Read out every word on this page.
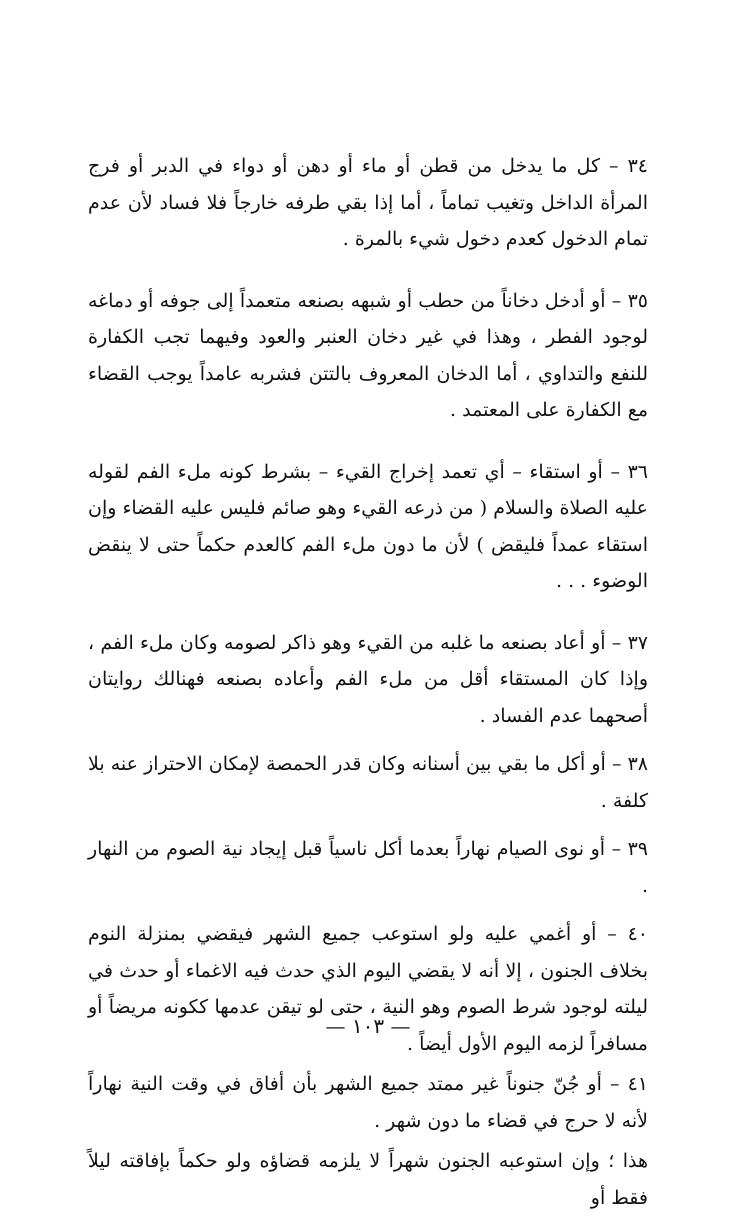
٣٤ – كل ما يدخل من قطن أو ماء أو دهن أو دواء في الدبر أو فرج المرأة الداخل وتغيب تماماً ، أما إذا بقي طرفه خارجاً فلا فساد لأن عدم تمام الدخول كعدم دخول شيء بالمرة .

٣٥ – أو أدخل دخاناً من حطب أو شبهه بصنعه متعمداً إلى جوفه أو دماغه لوجود الفطر ، وهذا في غير دخان العنبر والعود وفيهما تجب الكفارة للنفع والتداوي ، أما الدخان المعروف بالتتن فشربه عامداً يوجب القضاء مع الكفارة على المعتمد .

٣٦ – أو استقاء – أي تعمد إخراج القيء – بشرط كونه ملء الفم لقوله عليه الصلاة والسلام ( من ذرعه القيء وهو صائم فليس عليه القضاء وإن استقاء عمداً فليقض ) لأن ما دون ملء الفم كالعدم حكماً حتى لا ينقض الوضوء . . .

٣٧ – أو أعاد بصنعه ما غلبه من القيء وهو ذاكر لصومه وكان ملء الفم ، وإذا كان المستقاء أقل من ملء الفم وأعاده بصنعه فهنالك روايتان أصحهما عدم الفساد .

٣٨ – أو أكل ما بقي بين أسنانه وكان قدر الحمصة لإمكان الاحتراز عنه بلا كلفة .

٣٩ – أو نوى الصيام نهاراً بعدما أكل ناسياً قبل إيجاد نية الصوم من النهار .

٤٠ – أو أغمي عليه ولو استوعب جميع الشهر فيقضي بمنزلة النوم بخلاف الجنون ، إلا أنه لا يقضي اليوم الذي حدث فيه الاغماء أو حدث في ليلته لوجود شرط الصوم وهو النية ، حتى لو تيقن عدمها ككونه مريضاً أو مسافراً لزمه اليوم الأول أيضاً .

٤١ – أو جُنّ جنوناً غير ممتد جميع الشهر بأن أفاق في وقت النية نهاراً لأنه لا حرج في قضاء ما دون شهر .

هذا ؛ وإن استوعبه الجنون شهراً لا يلزمه قضاؤه ولو حكماً بإفاقته ليلاً فقط أو

— ١٠٣ —
